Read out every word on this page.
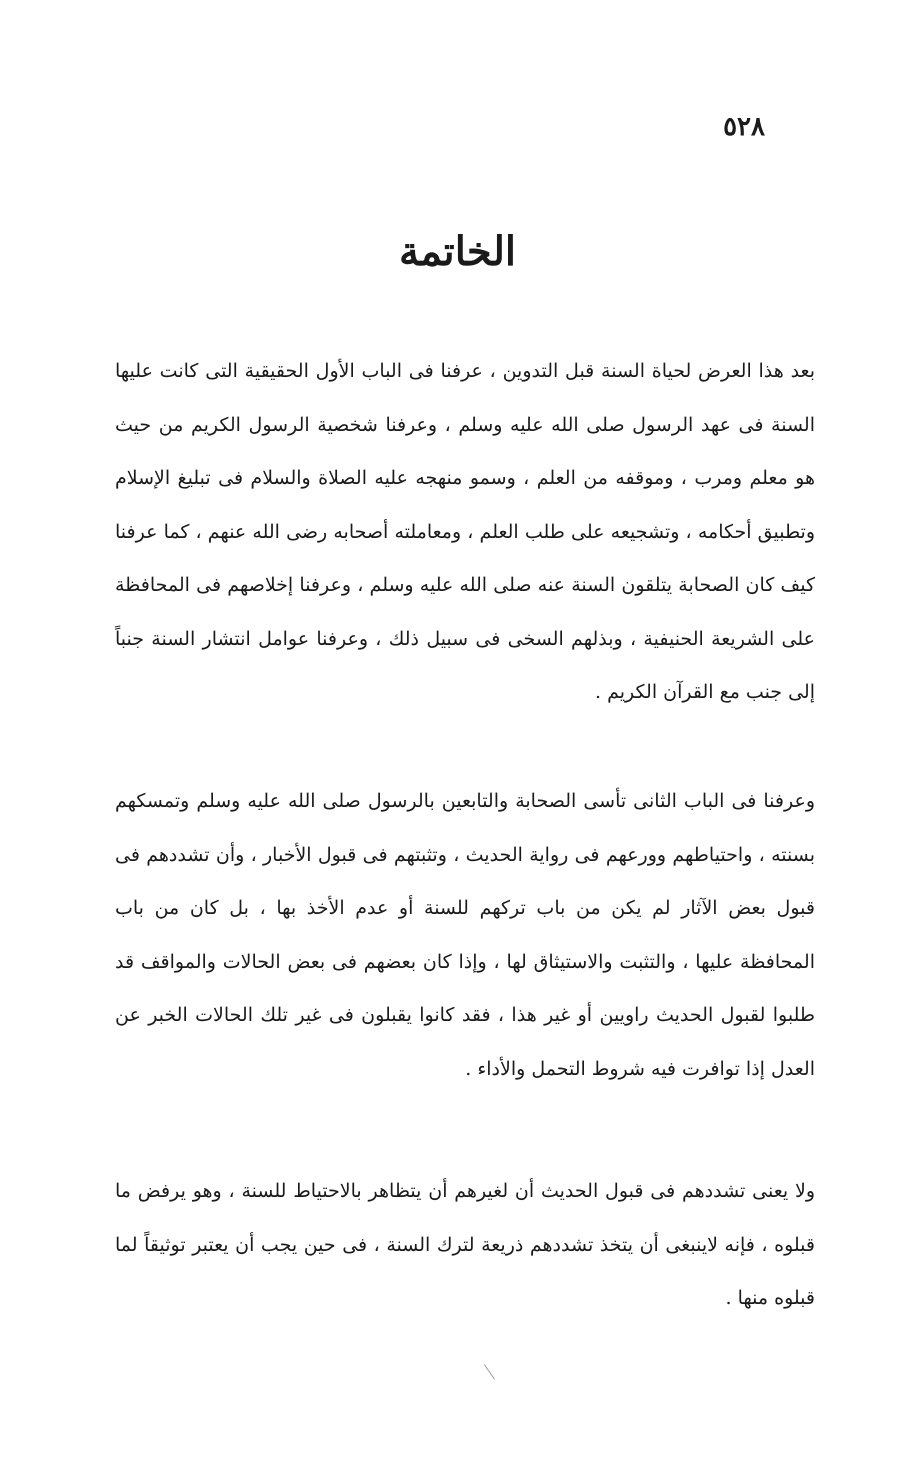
٥٢٨
الخاتمة

بعد هذا العرض لحياة السنة قبل التدوين ، عرفنا فى الباب الأول الحقيقية التى كانت عليها السنة فى عهد الرسول صلى الله عليه وسلم ، وعرفنا شخصية الرسول الكريم من حيث هو معلم ومرب ، وموقفه من العلم ، وسمو منهجه عليه الصلاة والسلام فى تبليغ الإسلام وتطبيق أحكامه ، وتشجيعه على طلب العلم ، ومعاملته أصحابه رضى الله عنهم ، كما عرفنا كيف كان الصحابة يتلقون السنة عنه صلى الله عليه وسلم ، وعرفنا إخلاصهم فى المحافظة على الشريعة الحنيفية ، وبذلهم السخى فى سبيل ذلك ، وعرفنا عوامل انتشار السنة جنباً إلى جنب مع القرآن الكريم .

وعرفنا فى الباب الثانى تأسى الصحابة والتابعين بالرسول صلى الله عليه وسلم وتمسكهم بسنته ، واحتياطهم وورعهم فى رواية الحديث ، وتثبتهم فى قبول الأخبار ، وأن تشددهم فى قبول بعض الآثار لم يكن من باب تركهم للسنة أو عدم الأخذ بها ، بل كان من باب المحافظة عليها ، والتثبت والاستيثاق لها ، وإذا كان بعضهم فى بعض الحالات والمواقف قد طلبوا لقبول الحديث راويين أو غير هذا ، فقد كانوا يقبلون فى غير تلك الحالات الخبر عن العدل إذا توافرت فيه شروط التحمل والأداء .

ولا يعنى تشددهم فى قبول الحديث أن لغيرهم أن يتظاهر بالاحتياط للسنة ، وهو يرفض ما قبلوه ، فإنه لاينبغى أن يتخذ تشددهم ذريعة لترك السنة ، فى حين يجب أن يعتبر توثيقاً لما قبلوه منها .
